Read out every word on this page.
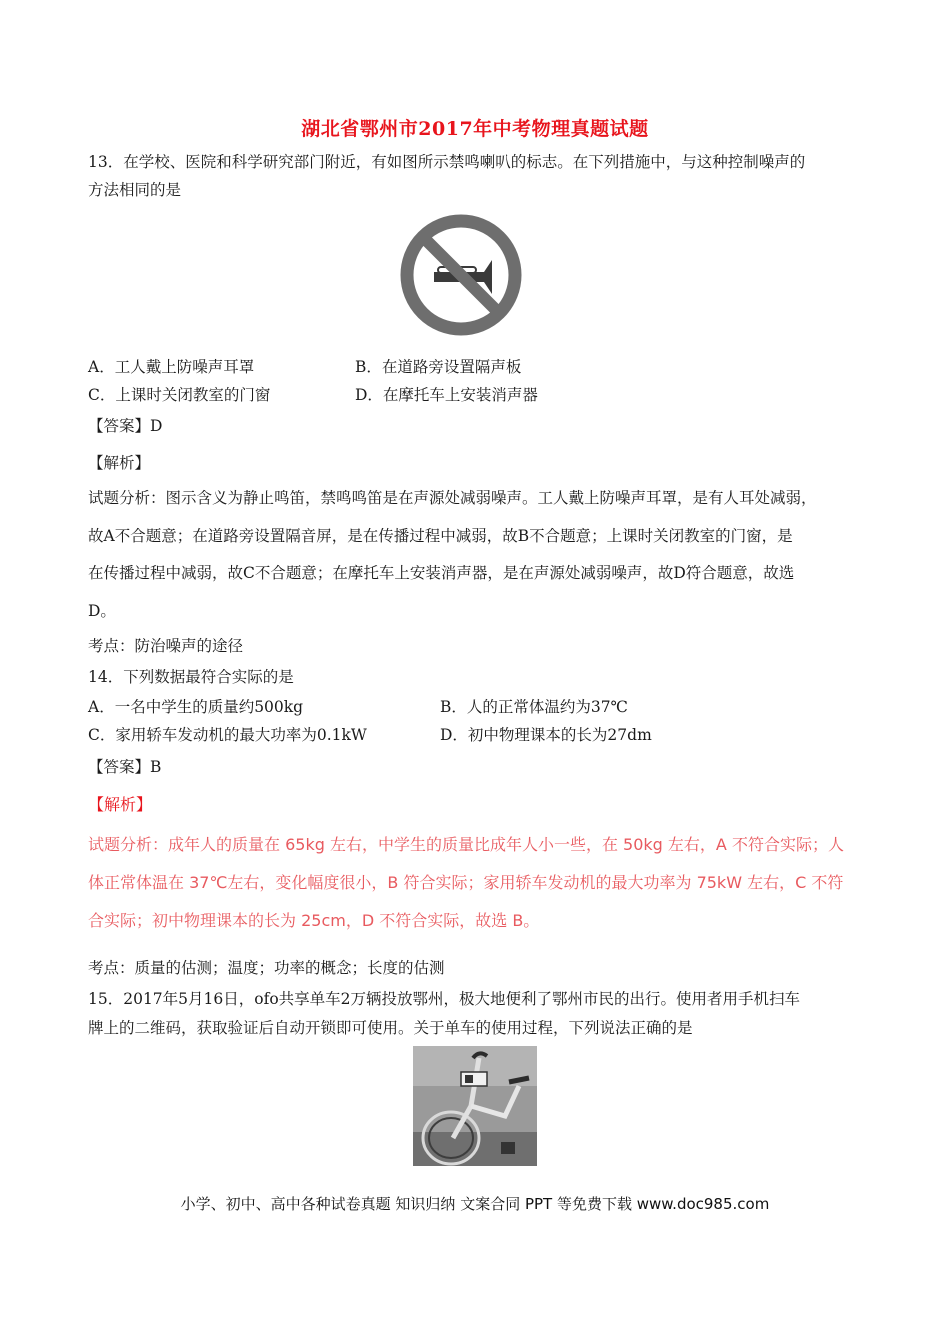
湖北省鄂州市2017年中考物理真题试题
13．在学校、医院和科学研究部门附近，有如图所示禁鸣喇叭的标志。在下列措施中，与这种控制噪声的
方法相同的是
A．工人戴上防噪声耳罩	B．在道路旁设置隔声板
C．上课时关闭教室的门窗	D．在摩托车上安装消声器
【答案】D
【解析】
试题分析：图示含义为静止鸣笛，禁鸣鸣笛是在声源处减弱噪声。工人戴上防噪声耳罩，是有人耳处减弱，
故A不合题意；在道路旁设置隔音屏，是在传播过程中减弱，故B不合题意；上课时关闭教室的门窗，是
在传播过程中减弱，故C不合题意；在摩托车上安装消声器，是在声源处减弱噪声，故D符合题意，故选
D。
考点：防治噪声的途径
14．下列数据最符合实际的是
A．一名中学生的质量约500kg	B．人的正常体温约为37℃
C．家用轿车发动机的最大功率为0.1kW	D．初中物理课本的长为27dm
【答案】B
【解析】
试题分析：成年人的质量在 65kg 左右，中学生的质量比成年人小一些，在 50kg 左右，A 不符合实际；人
体正常体温在 37℃左右，变化幅度很小，B 符合实际；家用轿车发动机的最大功率为 75kW 左右，C 不符
合实际；初中物理课本的长为 25cm，D 不符合实际，故选 B。
考点：质量的估测；温度；功率的概念；长度的估测
15．2017年5月16日，ofo共享单车2万辆投放鄂州，极大地便利了鄂州市民的出行。使用者用手机扫车
牌上的二维码，获取验证后自动开锁即可使用。关于单车的使用过程，下列说法正确的是
小学、初中、高中各种试卷真题 知识归纳 文案合同 PPT 等免费下载 www.doc985.com
